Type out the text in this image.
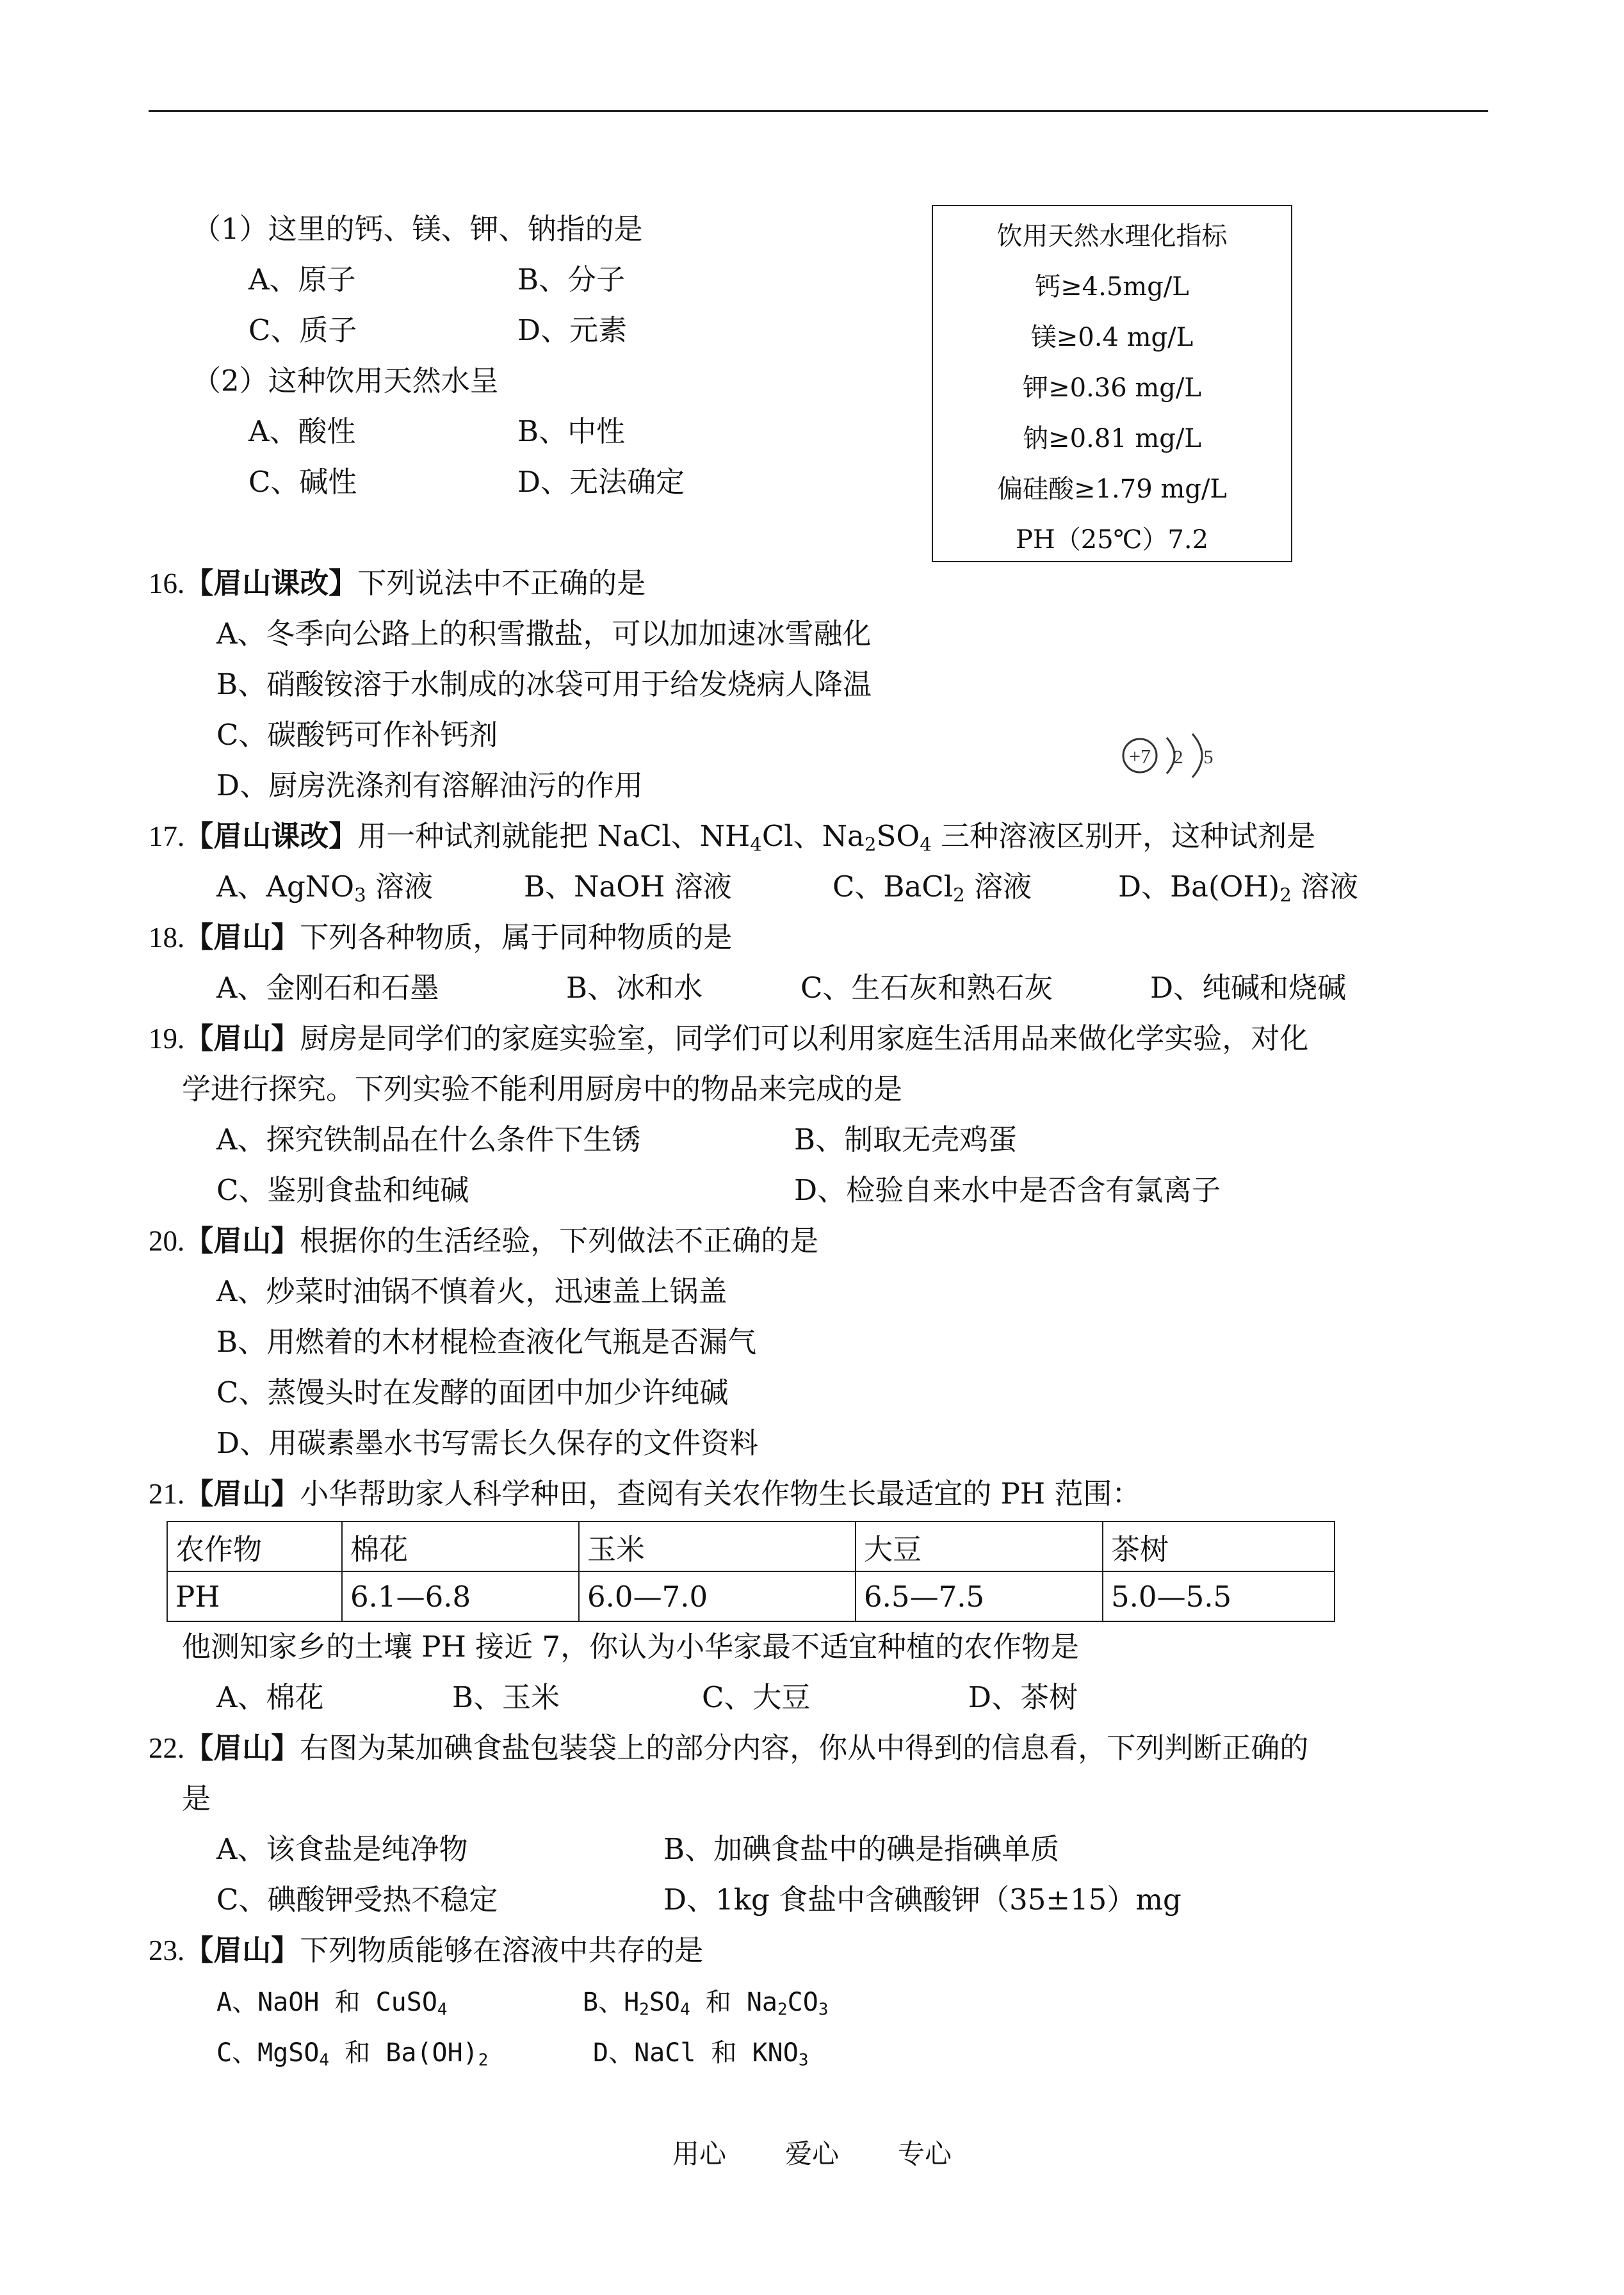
（1）这里的钙、镁、钾、钠指的是
A、原子	B、分子
C、质子	D、元素
（2）这种饮用天然水呈
A、酸性	B、中性
C、碱性	D、无法确定
饮用天然水理化指标
钙≥4.5mg/L
镁≥0.4 mg/L
钾≥0.36 mg/L
钠≥0.81 mg/L
偏硅酸≥1.79 mg/L
PH（25℃）7.2
16.【眉山课改】下列说法中不正确的是
A、冬季向公路上的积雪撒盐，可以加加速冰雪融化
B、硝酸铵溶于水制成的冰袋可用于给发烧病人降温
C、碳酸钙可作补钙剂
D、厨房洗涤剂有溶解油污的作用
+7 2 5
17.【眉山课改】用一种试剂就能把 NaCl、$NH_4Cl$、$Na_2SO_4$ 三种溶液区别开，这种试剂是
A、AgNO$_3$ 溶液	B、NaOH 溶液	C、BaCl$_2$ 溶液	D、$Ba(OH)_2$ 溶液
18.【眉山】下列各种物质，属于同种物质的是
A、金刚石和石墨	B、冰和水	C、生石灰和熟石灰	D、纯碱和烧碱
19.【眉山】厨房是同学们的家庭实验室，同学们可以利用家庭生活用品来做化学实验，对化
学进行探究。下列实验不能利用厨房中的物品来完成的是
A、探究铁制品在什么条件下生锈	B、制取无壳鸡蛋
C、鉴别食盐和纯碱	D、检验自来水中是否含有氯离子
20.【眉山】根据你的生活经验，下列做法不正确的是
A、炒菜时油锅不慎着火，迅速盖上锅盖
B、用燃着的木材棍检查液化气瓶是否漏气
C、蒸馒头时在发酵的面团中加少许纯碱
D、用碳素墨水书写需长久保存的文件资料
21.【眉山】小华帮助家人科学种田，查阅有关农作物生长最适宜的 PH 范围：
农作物	棉花	玉米	大豆	茶树
PH	6.1—6.8	6.0—7.0	6.5—7.5	5.0—5.5
他测知家乡的土壤 PH 接近 7，你认为小华家最不适宜种植的农作物是
A、棉花	B、玉米	C、大豆	D、茶树
22.【眉山】右图为某加碘食盐包装袋上的部分内容，你从中得到的信息看，下列判断正确的
是
A、该食盐是纯净物	B、加碘食盐中的碘是指碘单质
C、碘酸钾受热不稳定	D、1kg 食盐中含碘酸钾（35±15）mg
23.【眉山】下列物质能够在溶液中共存的是
A、NaOH 和 CuSO$_4$	B、$H_2SO_4$ 和 $Na_2CO_3$
C、MgSO$_4$ 和 $Ba(OH)_2$	D、NaCl 和 $KNO_3$
用心 爱心 专心
